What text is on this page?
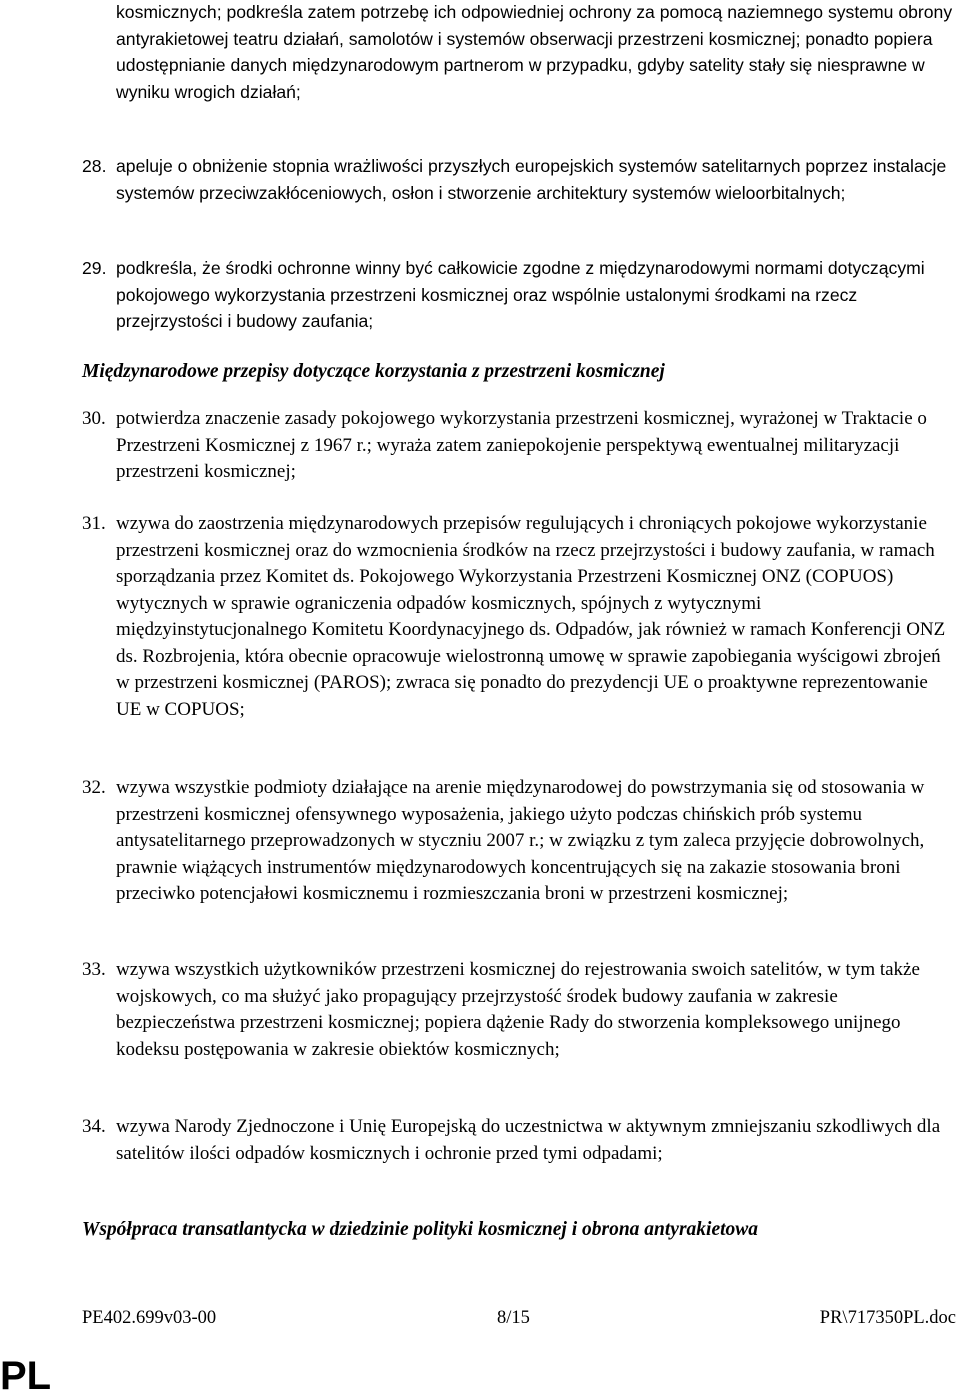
kosmicznych; podkreśla zatem potrzebę ich odpowiedniej ochrony za pomocą naziemnego systemu obrony antyrakietowej teatru działań, samolotów i systemów obserwacji przestrzeni kosmicznej; ponadto popiera udostępnianie danych międzynarodowym partnerom w przypadku, gdyby satelity stały się niesprawne w wyniku wrogich działań;

28. apeluje o obniżenie stopnia wrażliwości przyszłych europejskich systemów satelitarnych poprzez instalacje systemów przeciwzakłóceniowych, osłon i stworzenie architektury systemów wieloorbitalnych;

29. podkreśla, że środki ochronne winny być całkowicie zgodne z międzynarodowymi normami dotyczącymi pokojowego wykorzystania przestrzeni kosmicznej oraz wspólnie ustalonymi środkami na rzecz przejrzystości i budowy zaufania;

Międzynarodowe przepisy dotyczące korzystania z przestrzeni kosmicznej

30. potwierdza znaczenie zasady pokojowego wykorzystania przestrzeni kosmicznej, wyrażonej w Traktacie o Przestrzeni Kosmicznej z 1967 r.; wyraża zatem zaniepokojenie perspektywą ewentualnej militaryzacji przestrzeni kosmicznej;

31. wzywa do zaostrzenia międzynarodowych przepisów regulujących i chroniących pokojowe wykorzystanie przestrzeni kosmicznej oraz do wzmocnienia środków na rzecz przejrzystości i budowy zaufania, w ramach sporządzania przez Komitet ds. Pokojowego Wykorzystania Przestrzeni Kosmicznej ONZ (COPUOS) wytycznych w sprawie ograniczenia odpadów kosmicznych, spójnych z wytycznymi międzyinstytucjonalnego Komitetu Koordynacyjnego ds. Odpadów, jak również w ramach Konferencji ONZ ds. Rozbrojenia, która obecnie opracowuje wielostronną umowę w sprawie zapobiegania wyścigowi zbrojeń w przestrzeni kosmicznej (PAROS); zwraca się ponadto do prezydencji UE o proaktywne reprezentowanie UE w COPUOS;

32. wzywa wszystkie podmioty działające na arenie międzynarodowej do powstrzymania się od stosowania w przestrzeni kosmicznej ofensywnego wyposażenia, jakiego użyto podczas chińskich prób systemu antysatelitarnego przeprowadzonych w styczniu 2007 r.; w związku z tym zaleca przyjęcie dobrowolnych, prawnie wiążących instrumentów międzynarodowych koncentrujących się na zakazie stosowania broni przeciwko potencjałowi kosmicznemu i rozmieszczania broni w przestrzeni kosmicznej;

33. wzywa wszystkich użytkowników przestrzeni kosmicznej do rejestrowania swoich satelitów, w tym także wojskowych, co ma służyć jako propagujący przejrzystość środek budowy zaufania w zakresie bezpieczeństwa przestrzeni kosmicznej; popiera dążenie Rady do stworzenia kompleksowego unijnego kodeksu postępowania w zakresie obiektów kosmicznych;

34. wzywa Narody Zjednoczone i Unię Europejską do uczestnictwa w aktywnym zmniejszaniu szkodliwych dla satelitów ilości odpadów kosmicznych i ochronie przed tymi odpadami;

Współpraca transatlantycka w dziedzinie polityki kosmicznej i obrona antyrakietowa

PE402.699v03-00	8/15	PR\717350PL.doc
PL
